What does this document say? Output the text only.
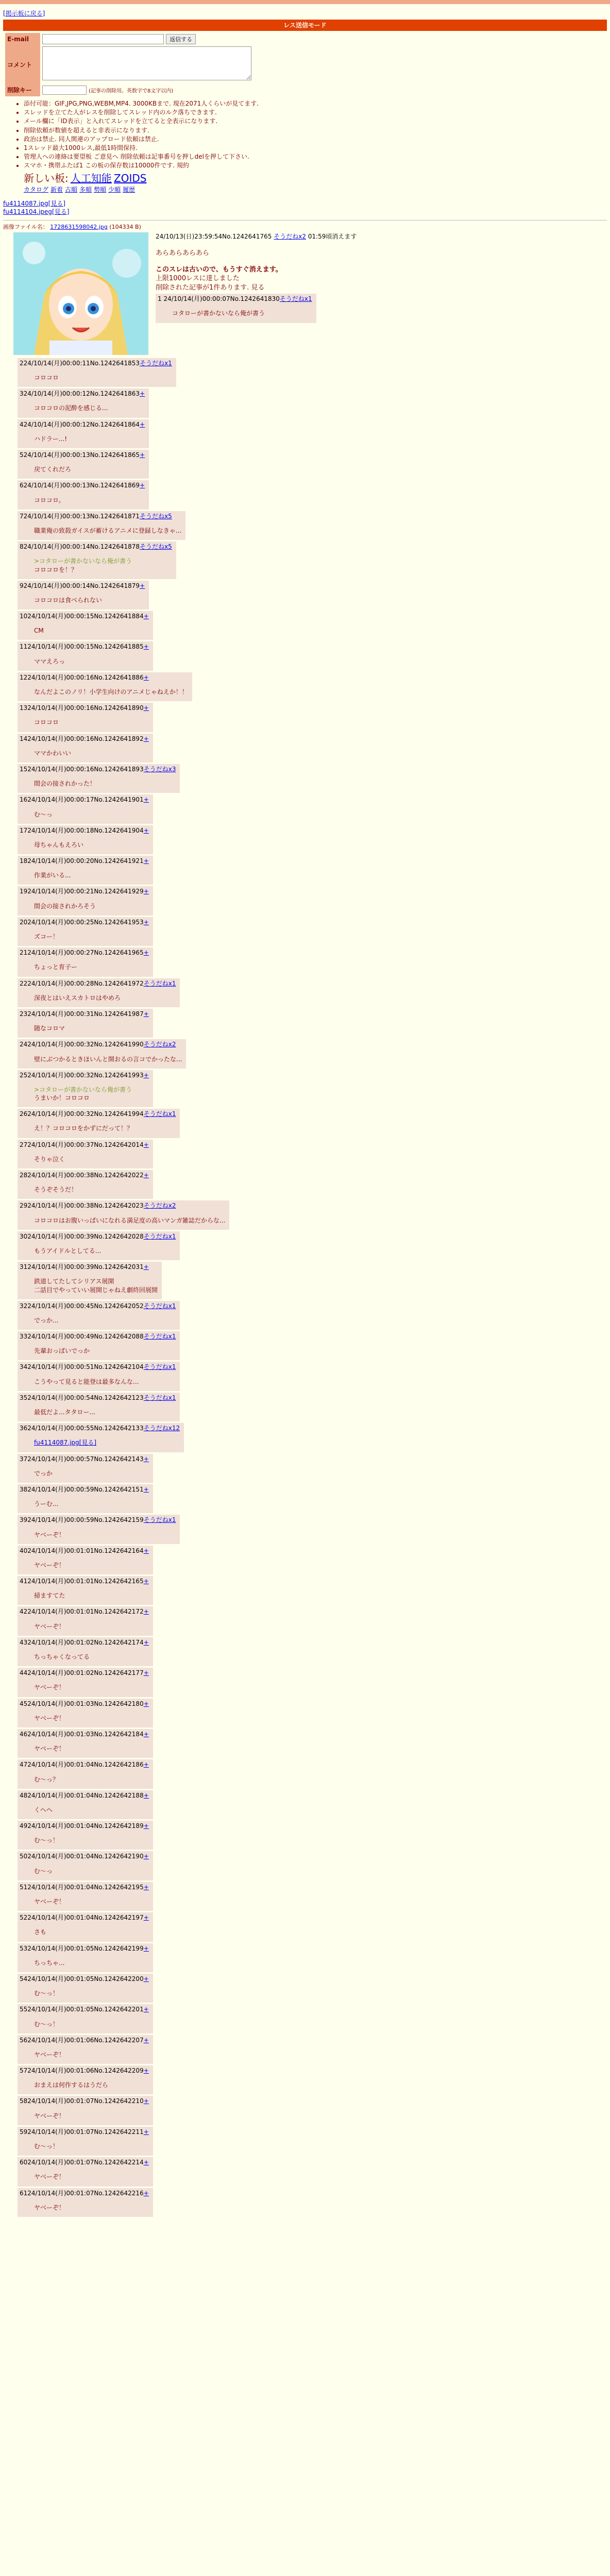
[掲示板に戻る]
レス送信モード
E-mail	返信する
コメント	
削除キー	(記事の削除用。英数字で8文字以内)
• 添付可能：GIF,JPG,PNG,WEBM,MP4. 3000KBまで. 現在2071人くらいが見てます.
• スレッドを立てた人がレスを削除してスレッド内のルク落ちできます.
• メール欄に「ID表示」と入れてスレッドを立てると全表示になります.
• 削除依頼が数値を超えると非表示になります.
• 政治は禁止. 同人関連のアップロード依頼は禁止.
• 1スレッド最大1000レス,最低1時間保持.
• 管理人への連絡は要望板 ご意見へ 削除依頼は記事番号を押しdelを押して下さい.
• スマホ・携帯ふたば1 この板の保存数は10000件です. 規約
新しい板: 人工知能 ZOIDS
カタログ 新着 古順 多順 勢順 少順 履歴
fu4114087.jpg[見る]
fu4114104.jpeg[見る]
画像ファイル名： 1728631598042.jpg (104334 B)
24/10/13(日)23:59:54No.1242641765 そうだねx2 01:59頃消えます
あらあらあらあら
このスレは古いので、もうすぐ消えます。
上限1000レスに達しました
削除された記事が1件あります. 見る
1 24/10/14(月)00:00:07No.1242641830そうだねx1
コタローが書かないなら俺が書う
224/10/14(月)00:00:11No.1242641853そうだねx1
コロコロ
324/10/14(月)00:00:12No.1242641863+
コロコロの泥酔を感じる...
424/10/14(月)00:00:12No.1242641864+
ハドラー...!
524/10/14(月)00:00:13No.1242641865+
戻てくれだろ
624/10/14(月)00:00:13No.1242641869+
コロコロ。
724/10/14(月)00:00:13No.1242641871そうだねx5
職業俺の致殺ガイスが蓄けるアニメに登録しなきゃ...
824/10/14(月)00:00:14No.1242641878そうだねx5
>コタローが書かないなら俺が書う
コロコロを！？
924/10/14(月)00:00:14No.1242641879+
コロコロは食べられない
1024/10/14(月)00:00:15No.1242641884+
CM
1124/10/14(月)00:00:15No.1242641885+
ママえろっ
1224/10/14(月)00:00:16No.1242641886+
なんだよこのノリ！小学生向けのアニメじゃねえか！！
1324/10/14(月)00:00:16No.1242641890+
コロコロ
1424/10/14(月)00:00:16No.1242641892+
ママかわいい
1524/10/14(月)00:00:16No.1242641893そうだねx3
間会の接されかった！
1624/10/14(月)00:00:17No.1242641901+
む〜っ
1724/10/14(月)00:00:18No.1242641904+
母ちゃんもえろい
1824/10/14(月)00:00:20No.1242641921+
作業がいる...
1924/10/14(月)00:00:21No.1242641929+
間会の接されかろそう
2024/10/14(月)00:00:25No.1242641953+
ズコー！
2124/10/14(月)00:00:27No.1242641965+
ちょっと育子ー
2224/10/14(月)00:00:28No.1242641972そうだねx1
深夜とはいえスカトロはやめろ
2324/10/14(月)00:00:31No.1242641987+
随なコロマ
2424/10/14(月)00:00:32No.1242641990そうだねx2
壁にぶつかるときほいんと開おるの言コでかったな...
2524/10/14(月)00:00:32No.1242641993+
>コタローが書かないなら俺が書う
うまいか！コロコロ
2624/10/14(月)00:00:32No.1242641994そうだねx1
え！？コロコロをかずにだって！？
2724/10/14(月)00:00:37No.1242642014+
そりゃ泣く
2824/10/14(月)00:00:38No.1242642022+
そうぞそうだ！
2924/10/14(月)00:00:38No.1242642023そうだねx2
コロコロはお腹いっぱいになれる満足度の高いマンガ雑誌だからな...
3024/10/14(月)00:00:39No.1242642028そうだねx1
もうアイドルとしてる...
3124/10/14(月)00:00:39No.1242642031+
鉄道してたしてシリアス展開
二話目でやっていい展開じゃねえ劇終回展開
3224/10/14(月)00:00:45No.1242642052そうだねx1
でっか...
3324/10/14(月)00:00:49No.1242642088そうだねx1
先輩おっぱいでっか
3424/10/14(月)00:00:51No.1242642104そうだねx1
こうやって見ると能登は最多なんな...
3524/10/14(月)00:00:54No.1242642123そうだねx1
最低だよ...タタロー...
3624/10/14(月)00:00:55No.1242642133そうだねx12
fu4114087.jpg[見る]
3724/10/14(月)00:00:57No.1242642143+
でっか
3824/10/14(月)00:00:59No.1242642151+
うーむ...
3924/10/14(月)00:00:59No.1242642159そうだねx1
ヤベーぞ！
4024/10/14(月)00:01:01No.1242642164+
ヤベーぞ！
4124/10/14(月)00:01:01No.1242642165+
掃ますてた
4224/10/14(月)00:01:01No.1242642172+
ヤベーぞ！
4324/10/14(月)00:01:02No.1242642174+
ちっちゃくなってる
4424/10/14(月)00:01:02No.1242642177+
ヤベーぞ！
4524/10/14(月)00:01:03No.1242642180+
ヤベーぞ！
4624/10/14(月)00:01:03No.1242642184+
ヤベーぞ！
4724/10/14(月)00:01:04No.1242642186+
む〜っ？
4824/10/14(月)00:01:04No.1242642188+
くへへ
4924/10/14(月)00:01:04No.1242642189+
む〜っ！
5024/10/14(月)00:01:04No.1242642190+
む〜っ
5124/10/14(月)00:01:04No.1242642195+
ヤベーぞ！
5224/10/14(月)00:01:04No.1242642197+
さも
5324/10/14(月)00:01:05No.1242642199+
ちっちゃ...
5424/10/14(月)00:01:05No.1242642200+
む〜っ！
5524/10/14(月)00:01:05No.1242642201+
む〜っ！
5624/10/14(月)00:01:06No.1242642207+
ヤベーぞ！
5724/10/14(月)00:01:06No.1242642209+
おまえは何作するはうだら
5824/10/14(月)00:01:07No.1242642210+
ヤベーぞ！
5924/10/14(月)00:01:07No.1242642211+
む〜っ！
6024/10/14(月)00:01:07No.1242642214+
ヤベーぞ！
6124/10/14(月)00:01:07No.1242642216+
ヤベーぞ！
